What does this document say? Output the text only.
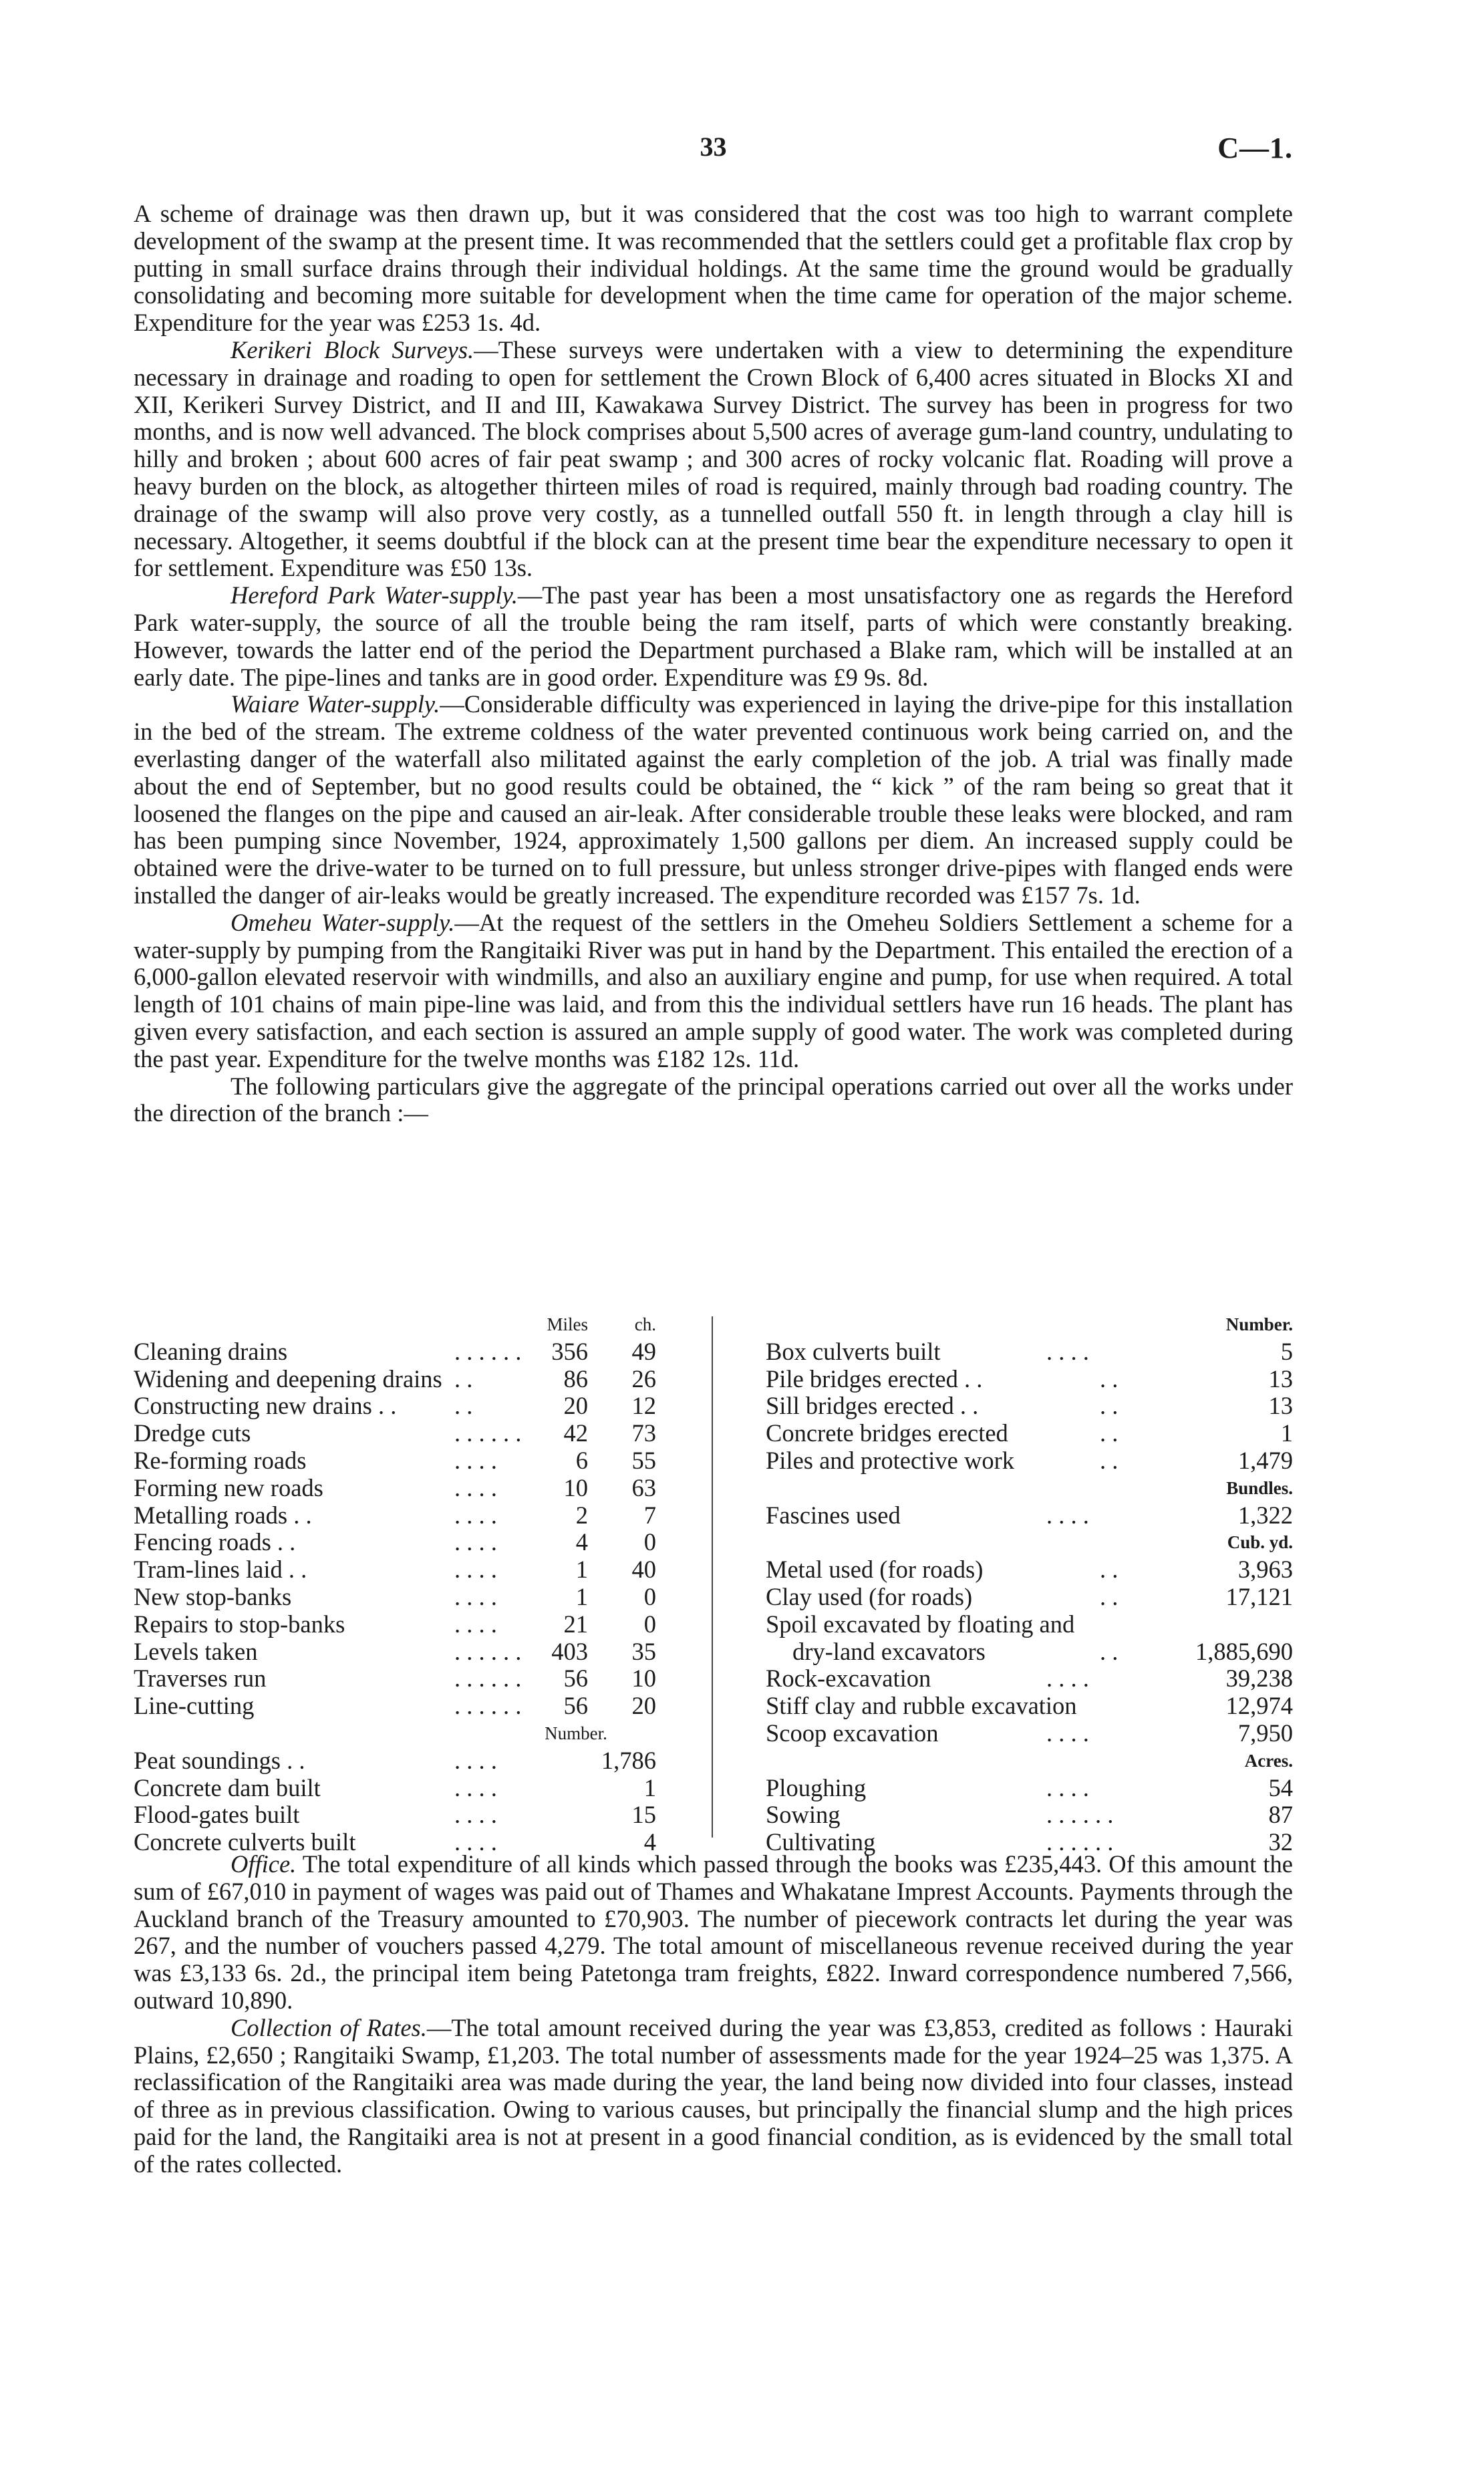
33	C—1.

A scheme of drainage was then drawn up, but it was considered that the cost was too high to warrant complete development of the swamp at the present time. It was recommended that the settlers could get a profitable flax crop by putting in small surface drains through their individual holdings. At the same time the ground would be gradually consolidating and becoming more suitable for development when the time came for operation of the major scheme. Expenditure for the year was £253 1s. 4d.

Kerikeri Block Surveys.—These surveys were undertaken with a view to determining the expenditure necessary in drainage and roading to open for settlement the Crown Block of 6,400 acres situated in Blocks XI and XII, Kerikeri Survey District, and II and III, Kawakawa Survey District. The survey has been in progress for two months, and is now well advanced. The block comprises about 5,500 acres of average gum-land country, undulating to hilly and broken ; about 600 acres of fair peat swamp ; and 300 acres of rocky volcanic flat. Roading will prove a heavy burden on the block, as altogether thirteen miles of road is required, mainly through bad roading country. The drainage of the swamp will also prove very costly, as a tunnelled outfall 550 ft. in length through a clay hill is necessary. Altogether, it seems doubtful if the block can at the present time bear the expenditure necessary to open it for settlement. Expenditure was £50 13s.

Hereford Park Water-supply.—The past year has been a most unsatisfactory one as regards the Hereford Park water-supply, the source of all the trouble being the ram itself, parts of which were constantly breaking. However, towards the latter end of the period the Department purchased a Blake ram, which will be installed at an early date. The pipe-lines and tanks are in good order. Expenditure was £9 9s. 8d.

Waiare Water-supply.—Considerable difficulty was experienced in laying the drive-pipe for this installation in the bed of the stream. The extreme coldness of the water prevented continuous work being carried on, and the everlasting danger of the waterfall also militated against the early completion of the job. A trial was finally made about the end of September, but no good results could be obtained, the “ kick ” of the ram being so great that it loosened the flanges on the pipe and caused an air-leak. After considerable trouble these leaks were blocked, and ram has been pumping since November, 1924, approximately 1,500 gallons per diem. An increased supply could be obtained were the drive-water to be turned on to full pressure, but unless stronger drive-pipes with flanged ends were installed the danger of air-leaks would be greatly increased. The expenditure recorded was £157 7s. 1d.

Omeheu Water-supply.—At the request of the settlers in the Omeheu Soldiers Settlement a scheme for a water-supply by pumping from the Rangitaiki River was put in hand by the Department. This entailed the erection of a 6,000-gallon elevated reservoir with windmills, and also an auxiliary engine and pump, for use when required. A total length of 101 chains of main pipe-line was laid, and from this the individual settlers have run 16 heads. The plant has given every satisfaction, and each section is assured an ample supply of good water. The work was completed during the past year. Expenditure for the twelve months was £182 12s. 11d.

The following particulars give the aggregate of the principal operations carried out over all the works under the direction of the branch :—

Miles	ch.
Cleaning drains	. . . . . .	356	49
Widening and deepening drains . .	86	26
Constructing new drains . . . .	20	12
Dredge cuts	. . . . . .	42	73
Re-forming roads	. . . .	6	55
Forming new roads	. . . .	10	63
Metalling roads . .	. . . .	2	7
Fencing roads . .	. . . .	4	0
Tram-lines laid . .	. . . .	1	40
New stop-banks	. . . .	1	0
Repairs to stop-banks	. . . .	21	0
Levels taken	. . . . . .	403	35
Traverses run	. . . . . .	56	10
Line-cutting	. . . . . .	56	20
Number.
Peat soundings . .	. . . .	1,786
Concrete dam built	. . . .	1
Flood-gates built	. . . .	15
Concrete culverts built	. . . .	4
Number.
Box culverts built	. . . .	5
Pile bridges erected . .	. .	13
Sill bridges erected . .	. .	13
Concrete bridges erected	. .	1
Piles and protective work	. .	1,479
Bundles.
Fascines used	. . . .	1,322
Cub. yd.
Metal used (for roads)	. .	3,963
Clay used (for roads)	. .	17,121
Spoil excavated by floating and
dry-land excavators	. .	1,885,690
Rock-excavation	. . . .	39,238
Stiff clay and rubble excavation	12,974
Scoop excavation	. . . .	7,950
Acres.
Ploughing	. . . .	54
Sowing	. . . . . .	87
Cultivating	. . . . . .	32

Office. The total expenditure of all kinds which passed through the books was £235,443. Of this amount the sum of £67,010 in payment of wages was paid out of Thames and Whakatane Imprest Accounts. Payments through the Auckland branch of the Treasury amounted to £70,903. The number of piecework contracts let during the year was 267, and the number of vouchers passed 4,279. The total amount of miscellaneous revenue received during the year was £3,133 6s. 2d., the principal item being Patetonga tram freights, £822. Inward correspondence numbered 7,566, outward 10,890.

Collection of Rates.—The total amount received during the year was £3,853, credited as follows : Hauraki Plains, £2,650 ; Rangitaiki Swamp, £1,203. The total number of assessments made for the year 1924–25 was 1,375. A reclassification of the Rangitaiki area was made during the year, the land being now divided into four classes, instead of three as in previous classification. Owing to various causes, but principally the financial slump and the high prices paid for the land, the Rangitaiki area is not at present in a good financial condition, as is evidenced by the small total of the rates collected.
